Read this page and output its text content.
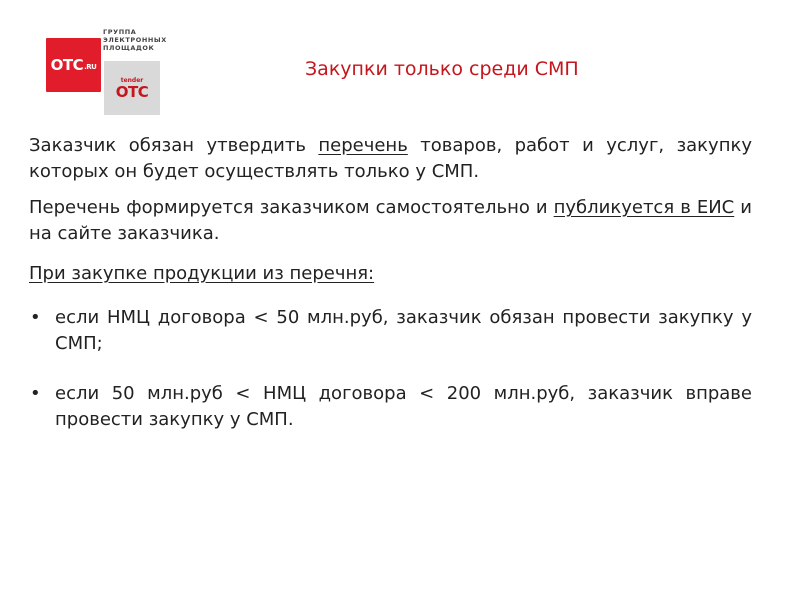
ОТС .RU
ГРУППА
ЭЛЕКТРОННЫХ
ПЛОЩАДОК
tender
ОТС
Закупки только среди СМП

Заказчик обязан утвердить перечень товаров, работ и услуг, закупку которых он будет осуществлять только у СМП.

Перечень формируется заказчиком самостоятельно и публикуется в ЕИС и на сайте заказчика.

При закупке продукции из перечня:

• если НМЦ договора < 50 млн.руб, заказчик обязан провести закупку у СМП;
• если 50 млн.руб < НМЦ договора < 200 млн.руб, заказчик вправе провести закупку у СМП.
